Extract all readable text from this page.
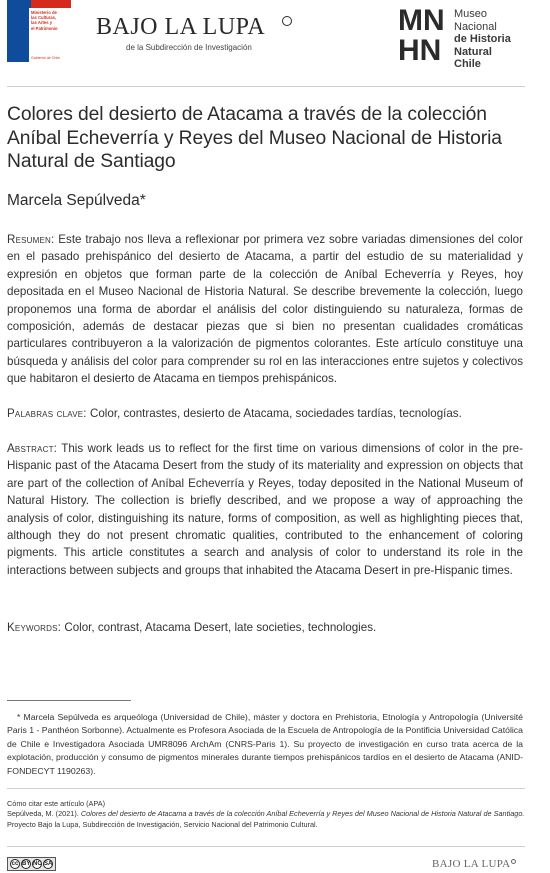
Ministerio de
las Culturas,
las Artes y
el Patrimonio
Gobierno de Chile
BAJO LA LUPA
de la Subdirección de Investigación
MN
HN
Museo
Nacional
de Historia
Natural
Chile
Colores del desierto de Atacama a través de la colección Aníbal Echeverría y Reyes del Museo Nacional de Historia Natural de Santiago
Marcela Sepúlveda*

Resumen: Este trabajo nos lleva a reflexionar por primera vez sobre variadas dimensiones del color en el pasado prehispánico del desierto de Atacama, a partir del estudio de su materialidad y expresión en objetos que forman parte de la colección de Aníbal Echeverría y Reyes, hoy depositada en el Museo Nacional de Historia Natural. Se describe brevemente la colección, luego proponemos una forma de abordar el análisis del color distinguiendo su naturaleza, formas de composición, además de destacar piezas que si bien no presentan cualidades cromáticas particulares contribuyeron a la valorización de pigmentos colorantes. Este artículo constituye una búsqueda y análisis del color para comprender su rol en las interacciones entre sujetos y colectivos que habitaron el desierto de Atacama en tiempos prehispánicos.

Palabras clave: Color, contrastes, desierto de Atacama, sociedades tardías, tecnologías.

Abstract: This work leads us to reflect for the first time on various dimensions of color in the pre-Hispanic past of the Atacama Desert from the study of its materiality and expression on objects that are part of the collection of Aníbal Echeverría y Reyes, today deposited in the National Museum of Natural History. The collection is briefly described, and we propose a way of approaching the analysis of color, distinguishing its nature, forms of composition, as well as highlighting pieces that, although they do not present chromatic qualities, contributed to the enhancement of coloring pigments. This article constitutes a search and analysis of color to understand its role in the interactions between subjects and groups that inhabited the Atacama Desert in pre-Hispanic times.

Keywords: Color, contrast, Atacama Desert, late societies, technologies.

* Marcela Sepúlveda es arqueóloga (Universidad de Chile), máster y doctora en Prehistoria, Etnología y Antropología (Université Paris 1 - Panthéon Sorbonne). Actualmente es Profesora Asociada de la Escuela de Antropología de la Pontificia Universidad Católica de Chile e Investigadora Asociada UMR8096 ArchAm (CNRS-Paris 1). Su proyecto de investigación en curso trata acerca de la explotación, producción y consumo de pigmentos minerales durante tiempos prehispánicos tardíos en el desierto de Atacama (ANID-FONDECYT 1190263).

Cómo citar este artículo (APA)
Sepúlveda, M. (2021). Colores del desierto de Atacama a través de la colección Aníbal Echeverría y Reyes del Museo Nacional de Historia Natural de Santiago. Proyecto Bajo la Lupa, Subdirección de Investigación, Servicio Nacional del Patrimonio Cultural.
cc BY NC SA	BAJO LA LUPA
